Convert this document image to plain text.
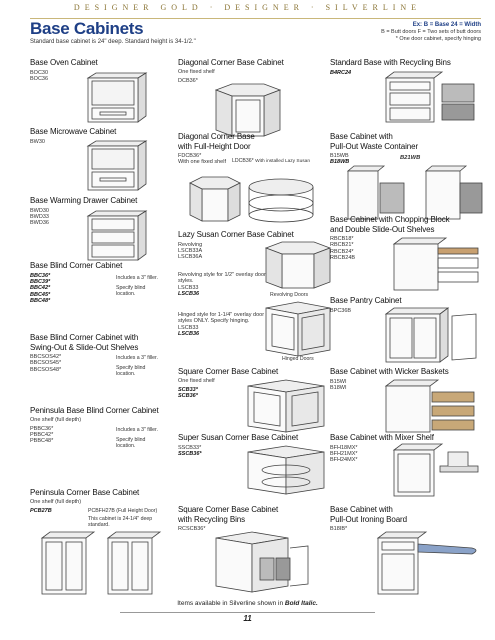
DESIGNER GOLD · DESIGNER · SILVERLINE
Base Cabinets
Standard base cabinet is 24" deep. Standard height is 34-1/2."
Ex: B = Base 24 = Width
B = Butt doors F = Two sets of butt doors
* One door cabinet, specify hinging
Base Oven Cabinet
BOC30
BOC36
Base Microwave Cabinet
BW30
Base Warming Drawer Cabinet
BWD30
BWD33
BWD36
Base Blind Corner Cabinet
BBC36*
BBC39*
BBC42*
BBC45*
BBC48*
Includes a 3" filler.
Specify blind location.
Base Blind Corner Cabinet with
Swing-Out & Slide-Out Shelves
BBCSOS42*
BBCSOS45*
BBCSOS48*
Includes a 3" filler.
Specify blind location.
Peninsula Base Blind Corner Cabinet
One shelf (full depth)
PBBC36*
PBBC42*
PBBC48*
Includes a 3" filler.
Specify blind location.
Peninsula Corner Base Cabinet
One shelf (full depth)
PCB27B	PCBFH27B (Full Height Door)
This cabinet is 24-1/4" deep standard.
Diagonal Corner Base Cabinet
One fixed shelf
DCB36*
Diagonal Corner Base
with Full-Height Door
FDCB36*
With one fixed shelf	LDCB36* With installed Lazy Susan
Lazy Susan Corner Base Cabinet
Revolving
LSCB33A
LSCB36A
Revolving style for 1/2" overlay door styles.
LSCB33
LSCB36	Revolving Doors
Hinged style for 1-1/4" overlay door styles ONLY. Specify hinging.
LSCB33
LSCB36
Hinged Doors
Square Corner Base Cabinet
One fixed shelf
SCB33*
SCB36*
Super Susan Corner Base Cabinet
SSCB33*
SSCB36*
Square Corner Base Cabinet
with Recycling Bins
RCSCB36*
Standard Base with Recycling Bins
B4RC24
Base Cabinet with
Pull-Out Waste Container
B15WB
B18WB
B21WB
Base Cabinet with Chopping Block
and Double Slide-Out Shelves
RBCB18*
RBCB21*
RBCB24*
RBCB24B
Base Pantry Cabinet
BPC36B
Base Cabinet with Wicker Baskets
B15WI
B18WI
Base Cabinet with Mixer Shelf
BFH18MX*
BFH21MX*
BFH24MX*
Base Cabinet with
Pull-Out Ironing Board
B18IB*
Items available in Silverline shown in Bold Italic.
11
